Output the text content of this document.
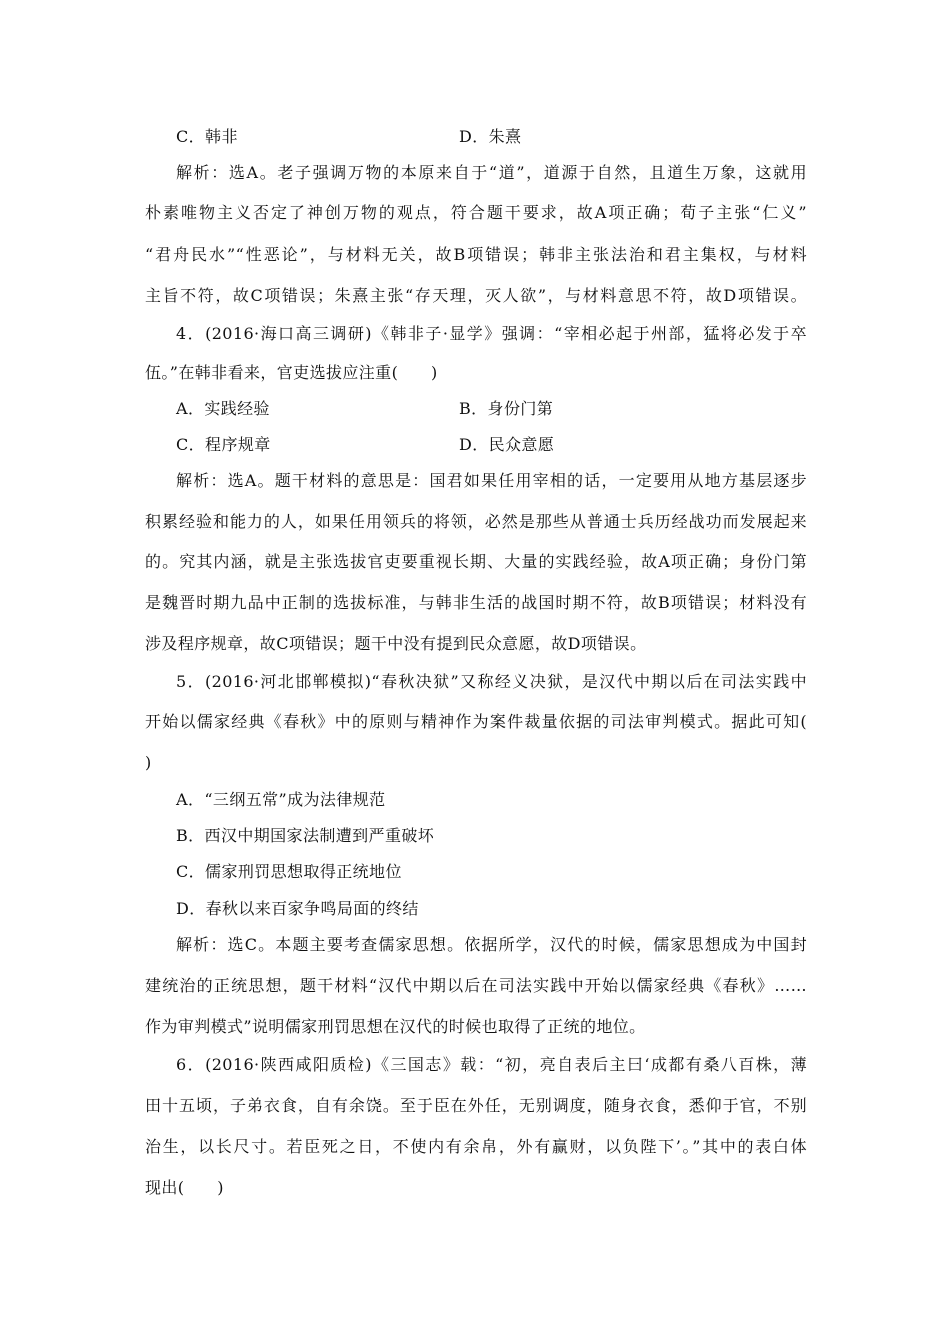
C．韩非	D．朱熹
解析：选A。老子强调万物的本原来自于“道”，道源于自然，且道生万象，这就用
朴素唯物主义否定了神创万物的观点，符合题干要求，故A项正确；荀子主张“仁义”
“君舟民水”“性恶论”，与材料无关，故B项错误；韩非主张法治和君主集权，与材料
主旨不符，故C项错误；朱熹主张“存天理，灭人欲”，与材料意思不符，故D项错误。
4．(2016·海口高三调研)《韩非子·显学》强调：“宰相必起于州部，猛将必发于卒
伍。”在韩非看来，官吏选拔应注重(　　)
A．实践经验	B．身份门第
C．程序规章	D．民众意愿
解析：选A。题干材料的意思是：国君如果任用宰相的话，一定要用从地方基层逐步
积累经验和能力的人，如果任用领兵的将领，必然是那些从普通士兵历经战功而发展起来
的。究其内涵，就是主张选拔官吏要重视长期、大量的实践经验，故A项正确；身份门第
是魏晋时期九品中正制的选拔标准，与韩非生活的战国时期不符，故B项错误；材料没有
涉及程序规章，故C项错误；题干中没有提到民众意愿，故D项错误。
5．(2016·河北邯郸模拟)“春秋决狱”又称经义决狱，是汉代中期以后在司法实践中
开始以儒家经典《春秋》中的原则与精神作为案件裁量依据的司法审判模式。据此可知(
)
A．“三纲五常”成为法律规范
B．西汉中期国家法制遭到严重破坏
C．儒家刑罚思想取得正统地位
D．春秋以来百家争鸣局面的终结
解析：选C。本题主要考查儒家思想。依据所学，汉代的时候，儒家思想成为中国封
建统治的正统思想，题干材料“汉代中期以后在司法实践中开始以儒家经典《春秋》……
作为审判模式”说明儒家刑罚思想在汉代的时候也取得了正统的地位。
6．(2016·陕西咸阳质检)《三国志》载：“初，亮自表后主曰‘成都有桑八百株，薄
田十五顷，子弟衣食，自有余饶。至于臣在外任，无别调度，随身衣食，悉仰于官，不别
治生，以长尺寸。若臣死之日，不使内有余帛，外有赢财，以负陛下’。”其中的表白体
现出(　　)
